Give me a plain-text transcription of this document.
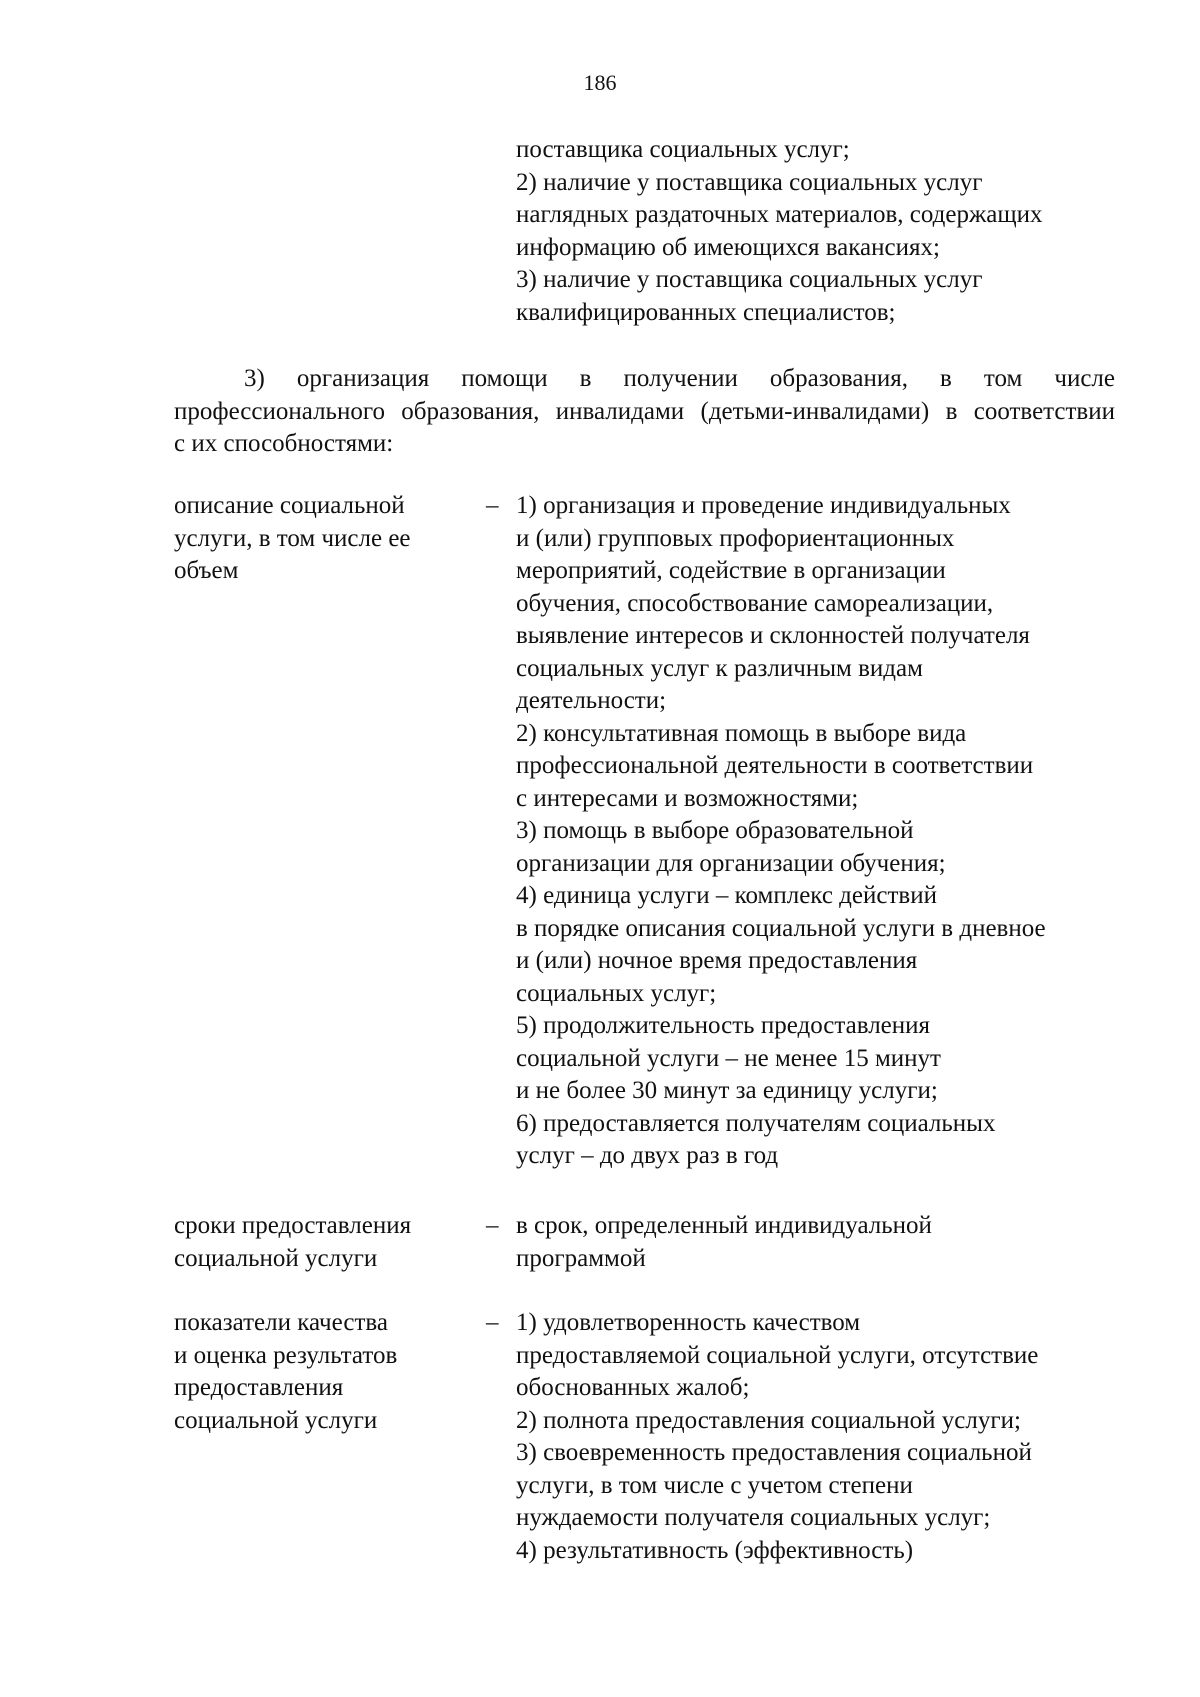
186
поставщика социальных услуг;
2) наличие у поставщика социальных услуг
наглядных раздаточных материалов, содержащих
информацию об имеющихся вакансиях;
3) наличие у поставщика социальных услуг
квалифицированных специалистов;
3) организация помощи в получении образования, в том числе
профессионального образования, инвалидами (детьми-инвалидами) в соответствии
с их способностями:
описание социальной
услуги, в том числе ее
объем
– 1) организация и проведение индивидуальных
и (или) групповых профориентационных
мероприятий, содействие в организации
обучения, способствование самореализации,
выявление интересов и склонностей получателя
социальных услуг к различным видам
деятельности;
2) консультативная помощь в выборе вида
профессиональной деятельности в соответствии
с интересами и возможностями;
3) помощь в выборе образовательной
организации для организации обучения;
4) единица услуги – комплекс действий
в порядке описания социальной услуги в дневное
и (или) ночное время предоставления
социальных услуг;
5) продолжительность предоставления
социальной услуги – не менее 15 минут
и не более 30 минут за единицу услуги;
6) предоставляется получателям социальных
услуг – до двух раз в год
сроки предоставления
социальной услуги
– в срок, определенный индивидуальной
программой
показатели качества
и оценка результатов
предоставления
социальной услуги
– 1) удовлетворенность качеством
предоставляемой социальной услуги, отсутствие
обоснованных жалоб;
2) полнота предоставления социальной услуги;
3) своевременность предоставления социальной
услуги, в том числе с учетом степени
нуждаемости получателя социальных услуг;
4) результативность (эффективность)
